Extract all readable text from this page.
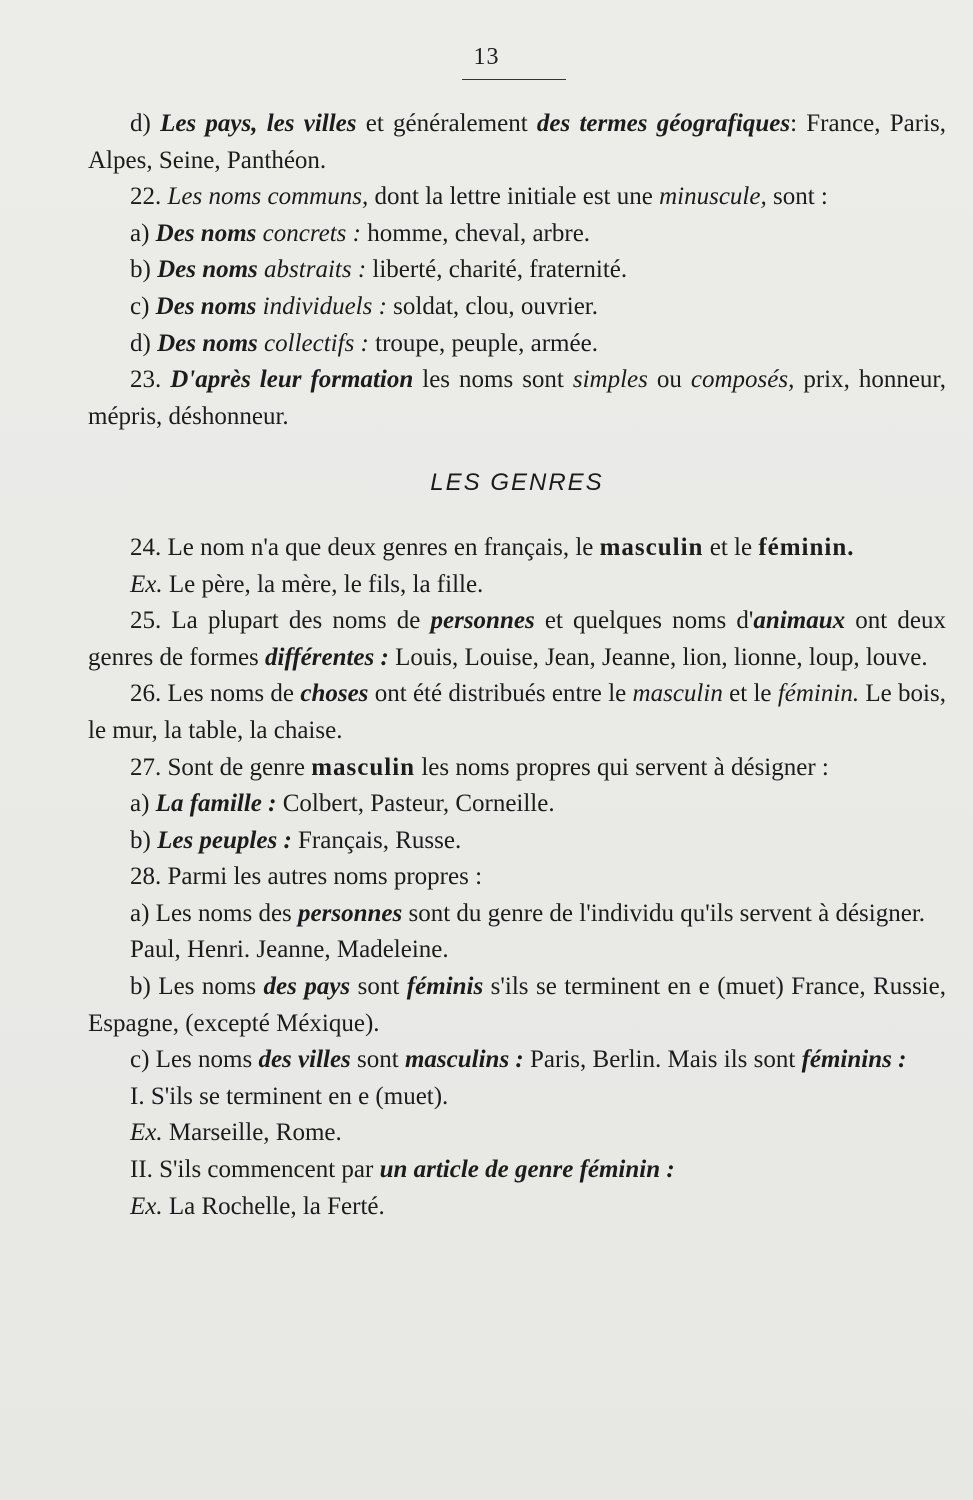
13

d) Les pays, les villes et généralement des termes géografiques: France, Paris, Alpes, Seine, Panthéon.

22. Les noms communs, dont la lettre initiale est une minuscule, sont :

a) Des noms concrets : homme, cheval, arbre.

b) Des noms abstraits : liberté, charité, fraternité.

c) Des noms individuels : soldat, clou, ouvrier.

d) Des noms collectifs : troupe, peuple, armée.

23. D'après leur formation les noms sont simples ou composés, prix, honneur, mépris, déshonneur.

LES GENRES

24. Le nom n'a que deux genres en français, le masculin et le féminin.

Ex. Le père, la mère, le fils, la fille.

25. La plupart des noms de personnes et quelques noms d'animaux ont deux genres de formes différentes : Louis, Louise, Jean, Jeanne, lion, lionne, loup, louve.

26. Les noms de choses ont été distribués entre le masculin et le féminin. Le bois, le mur, la table, la chaise.

27. Sont de genre masculin les noms propres qui servent à désigner :

a) La famille : Colbert, Pasteur, Corneille.

b) Les peuples : Français, Russe.

28. Parmi les autres noms propres :

a) Les noms des personnes sont du genre de l'individu qu'ils servent à désigner.

Paul, Henri. Jeanne, Madeleine.

b) Les noms des pays sont féminis s'ils se terminent en e (muet) France, Russie, Espagne, (excepté Méxique).

c) Les noms des villes sont masculins : Paris, Berlin. Mais ils sont féminins :

I. S'ils se terminent en e (muet).

Ex. Marseille, Rome.

II. S'ils commencent par un article de genre féminin :

Ex. La Rochelle, la Ferté.
